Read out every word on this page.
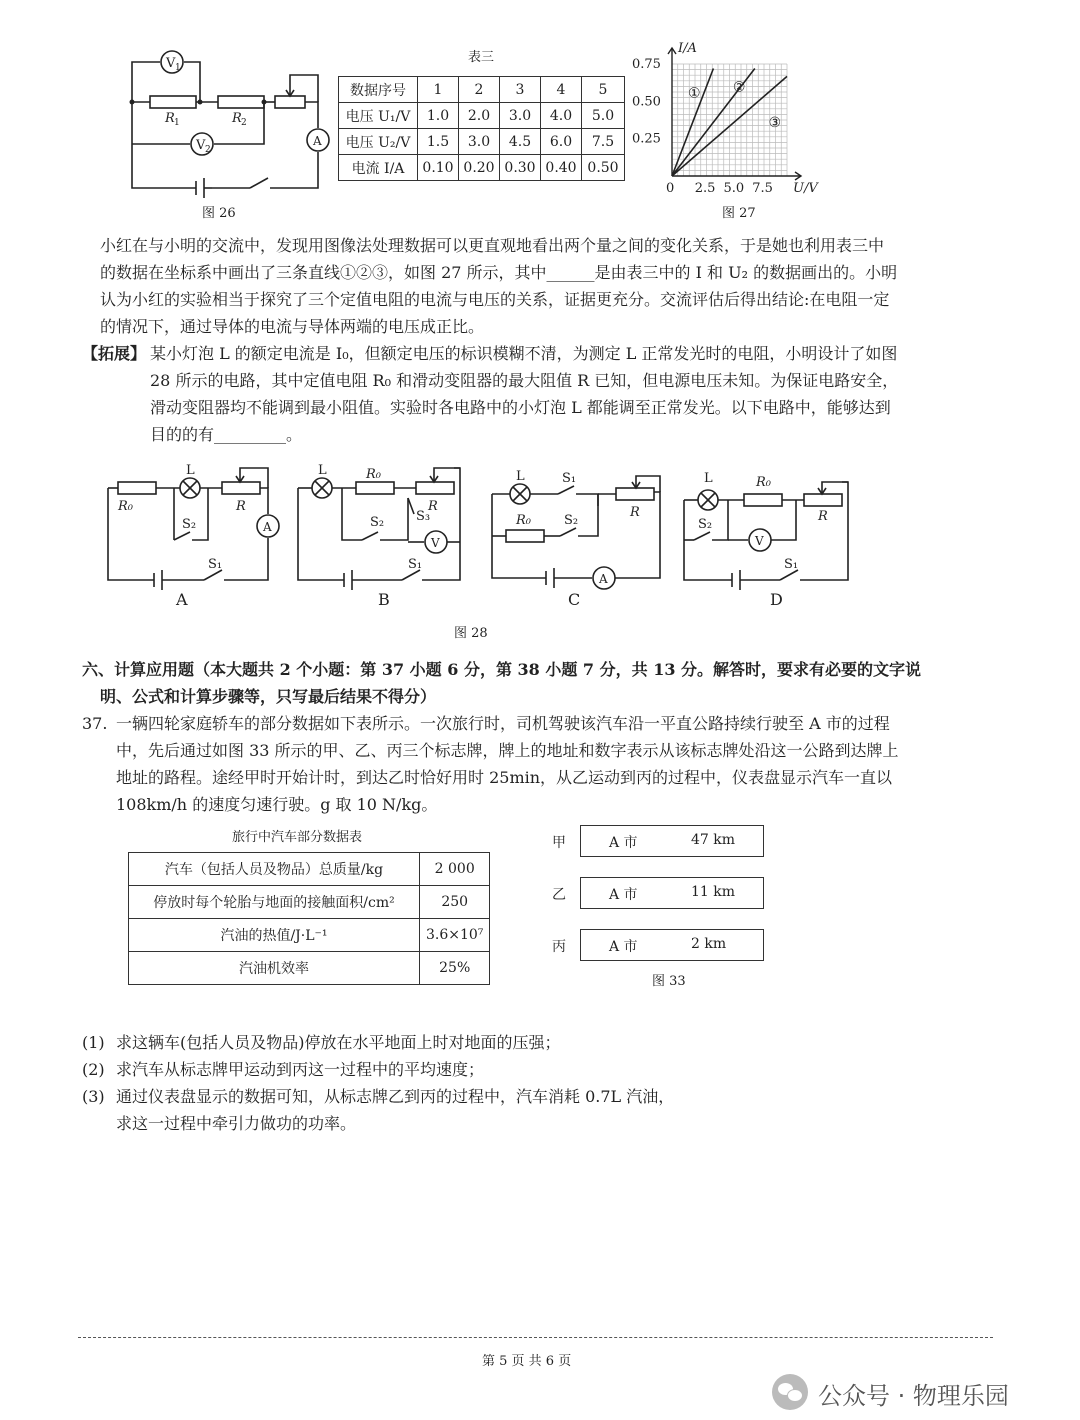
V 1
V 2
R 1	R 2
A
图 26
表三
数据序号	1	2	3	4	5
电压 U₁/V	1.0	2.0	3.0	4.0	5.0
电压 U₂/V	1.5	3.0	4.5	6.0	7.5
电流 I/A	0.10	0.20	0.30	0.40	0.50
0 2.5 5.0 7.5
0.25
0.50
0.75
I/A
U/V
① ②
③
图 27
小红在与小明的交流中，发现用图像法处理数据可以更直观地看出两个量之间的变化关系，于是她也利用表三中
的数据在坐标系中画出了三条直线①②③，如图 27 所示，其中______是由表三中的 I 和 U₂ 的数据画出的。小明
认为小红的实验相当于探究了三个定值电阻的电流与电压的关系，证据更充分。交流评估后得出结论:在电阻一定
的情况下，通过导体的电流与导体两端的电压成正比。
【拓展】 某小灯泡 L 的额定电流是 I₀，但额定电压的标识模糊不清，为测定 L 正常发光时的电阻，小明设计了如图
28 所示的电路，其中定值电阻 R₀ 和滑动变阻器的最大阻值 R 已知，但电源电压未知。为保证电路安全，
滑动变阻器均不能调到最小阻值。实验时各电路中的小灯泡 L 都能调至正常发光。以下电路中，能够达到
目的的有_________。
R₀
L
R
S₂	A
S₁
L	R₀
R
S₂ S₃
V
S₁
L	S₁
R
R₀	S₂
A
L	R₀
R
S₂
V
S₁
A	B	C	D
图 28
六、计算应用题（本大题共 2 个小题：第 37 小题 6 分，第 38 小题 7 分，共 13 分。解答时，要求有必要的文字说
明、公式和计算步骤等，只写最后结果不得分）
37. 一辆四轮家庭轿车的部分数据如下表所示。一次旅行时，司机驾驶该汽车沿一平直公路持续行驶至 A 市的过程
中，先后通过如图 33 所示的甲、乙、丙三个标志牌，牌上的地址和数字表示从该标志牌处沿这一公路到达牌上
地址的路程。途经甲时开始计时，到达乙时恰好用时 25min，从乙运动到丙的过程中，仪表盘显示汽车一直以
108km/h 的速度匀速行驶。g 取 10 N/kg。
旅行中汽车部分数据表
汽车（包括人员及物品）总质量/kg	2 000
停放时每个轮胎与地面的接触面积/cm²	250
汽油的热值/J·L⁻¹	3.6×10⁷
汽油机效率	25%
甲	A 市	47 km
乙	A 市	11 km
丙	A 市	2 km
图 33
(1) 求这辆车(包括人员及物品)停放在水平地面上时对地面的压强；
(2) 求汽车从标志牌甲运动到丙这一过程中的平均速度；
(3) 通过仪表盘显示的数据可知，从标志牌乙到丙的过程中，汽车消耗 0.7L 汽油，
求这一过程中牵引力做功的功率。
第 5 页 共 6 页
公众号 · 物理乐园
